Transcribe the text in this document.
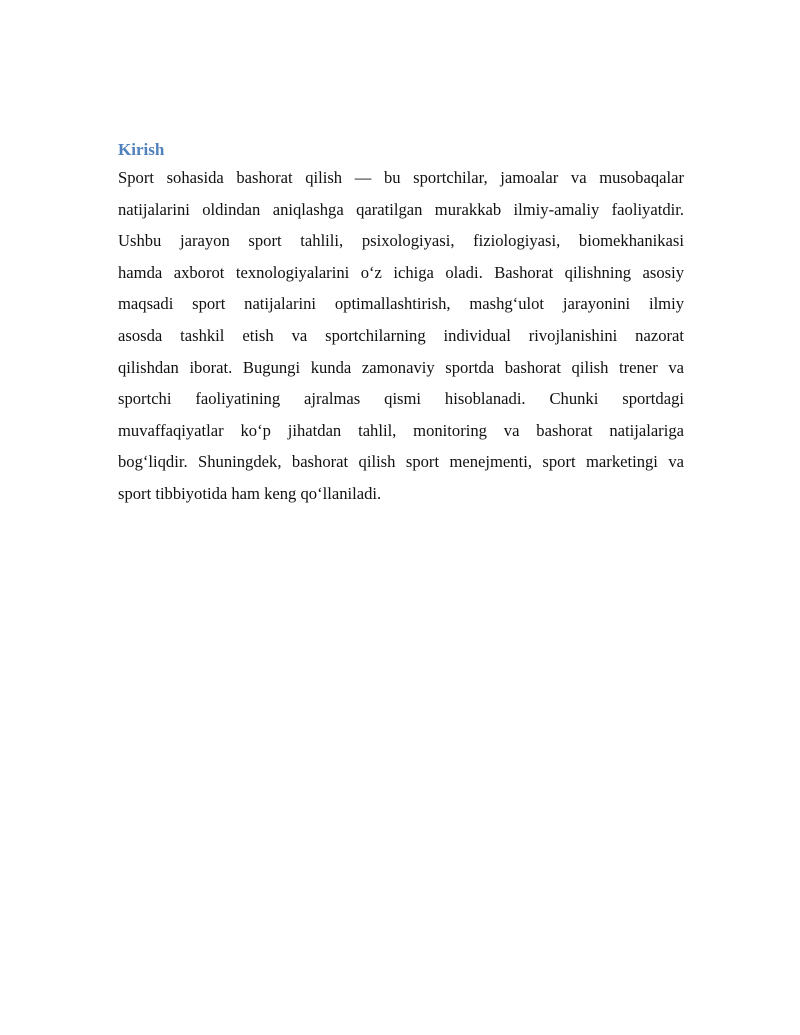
Kirish

Sport sohasida bashorat qilish — bu sportchilar, jamoalar va musobaqalar
natijalarini oldindan aniqlashga qaratilgan murakkab ilmiy-amaliy faoliyatdir.
Ushbu jarayon sport tahlili, psixologiyasi, fiziologiyasi, biomekhanikasi
hamda axborot texnologiyalarini o‘z ichiga oladi. Bashorat qilishning asosiy
maqsadi sport natijalarini optimallashtirish, mashg‘ulot jarayonini ilmiy
asosda tashkil etish va sportchilarning individual rivojlanishini nazorat
qilishdan iborat. Bugungi kunda zamonaviy sportda bashorat qilish trener va
sportchi faoliyatining ajralmas qismi hisoblanadi. Chunki sportdagi
muvaffaqiyatlar ko‘p jihatdan tahlil, monitoring va bashorat natijalariga
bog‘liqdir. Shuningdek, bashorat qilish sport menejmenti, sport marketingi va
sport tibbiyotida ham keng qo‘llaniladi.
